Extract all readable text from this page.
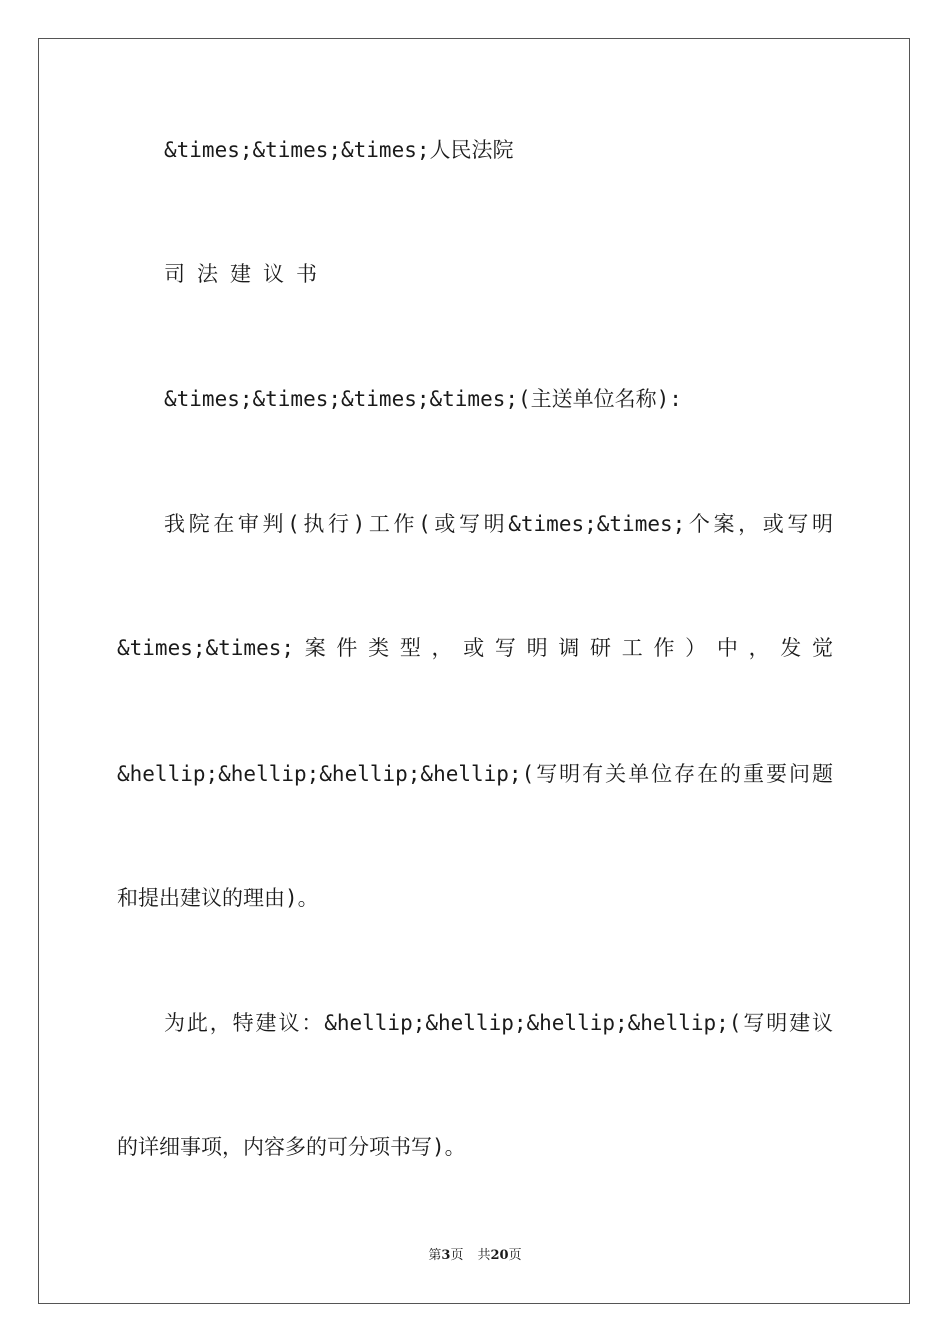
&times;&times;&times;人民法院

司法建议书

&times;&times;&times;&times;(主送单位名称):

我院在审判(执行)工作(或写明&times;&times;个案，或写明

&times;&times;案件类型，或写明调研工作）中，发觉

&hellip;&hellip;&hellip;&hellip;(写明有关单位存在的重要问题

和提出建议的理由)。

为此，特建议：&hellip;&hellip;&hellip;&hellip;(写明建议

的详细事项，内容多的可分项书写)。

第3页 共20页
